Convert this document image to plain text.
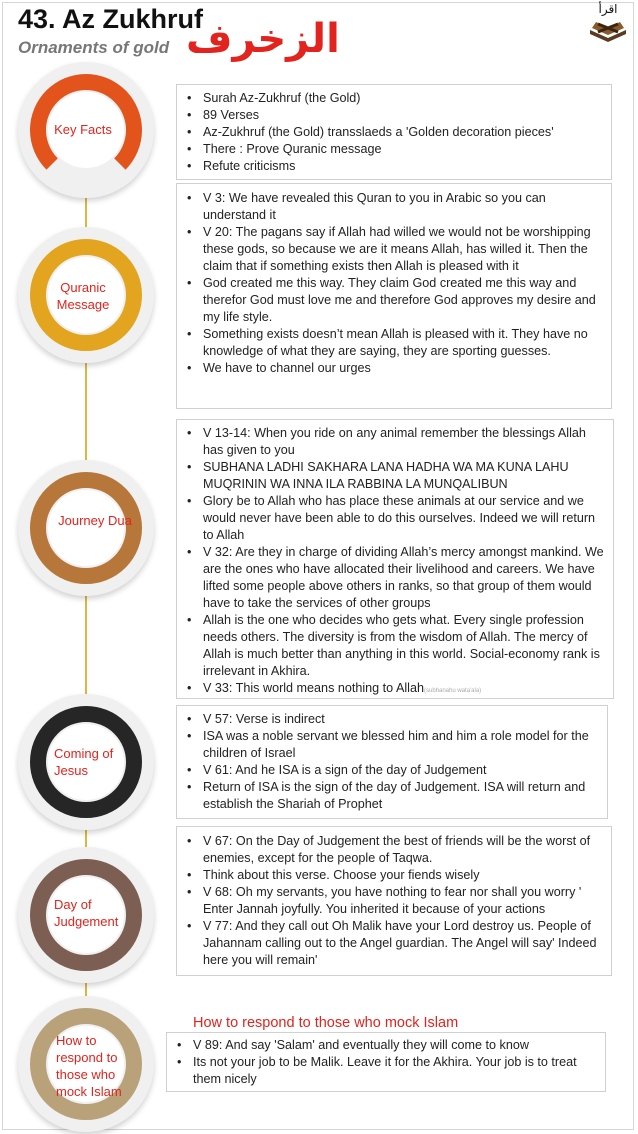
43. Az Zukhruf
Ornaments of gold الزخرف
اقرأ
Key Facts
• Surah Az-Zukhruf (the Gold)
• 89 Verses
• Az-Zukhruf (the Gold) transslaeds a 'Golden decoration pieces'
• There : Prove Quranic message
• Refute criticisms
Quranic Message
• V 3: We have revealed this Quran to you in Arabic so you can understand it
• V 20: The pagans say if Allah had willed we would not be worshipping these gods, so because we are it means Allah, has willed it. Then the claim that if something exists then Allah is pleased with it
• God created me this way. They claim God created me this way and therefor God must love me and therefore God approves my desire and my life style.
• Something exists doesn’t mean Allah is pleased with it. They have no knowledge of what they are saying, they are sporting guesses.
• We have to channel our urges
Journey Dua
• V 13-14: When you ride on any animal remember the blessings Allah has given to you
• SUBHANA LADHI SAKHARA LANA HADHA WA MA KUNA LAHU MUQRININ WA INNA ILA RABBINA LA MUNQALIBUN
• Glory be to Allah who has place these animals at our service and we would never have been able to do this ourselves. Indeed we will return to Allah
• V 32: Are they in charge of dividing Allah’s mercy amongst mankind. We are the ones who have allocated their livelihood and careers. We have lifted some people above others in ranks, so that group of them would have to take the services of other groups
• Allah is the one who decides who gets what. Every single profession needs others. The diversity is from the wisdom of Allah. The mercy of Allah is much better than anything in this world. Social-economy rank is irrelevant in Akhira.
• V 33: This world means nothing to Allah(subhanahu wata'ala)
Coming of Jesus
• V 57: Verse is indirect
• ISA was a noble servant we blessed him and him a role model for the children of Israel
• V 61: And he ISA is a sign of the day of Judgement
• Return of ISA is the sign of the day of Judgement. ISA will return and establish the Shariah of Prophet
Day of Judgement
• V 67: On the Day of Judgement the best of friends will be the worst of enemies, except for the people of Taqwa.
• Think about this verse. Choose your fiends wisely
• V 68: Oh my servants, you have nothing to fear nor shall you worry ' Enter Jannah joyfully. You inherited it because of your actions
• V 77: And they call out Oh Malik have your Lord destroy us. People of Jahannam calling out to the Angel guardian. The Angel will say' Indeed here you will remain'
How to respond to those who mock Islam
How to respond to those who mock Islam
• V 89: And say 'Salam' and eventually they will come to know
• Its not your job to be Malik. Leave it for the Akhira. Your job is to treat them nicely
